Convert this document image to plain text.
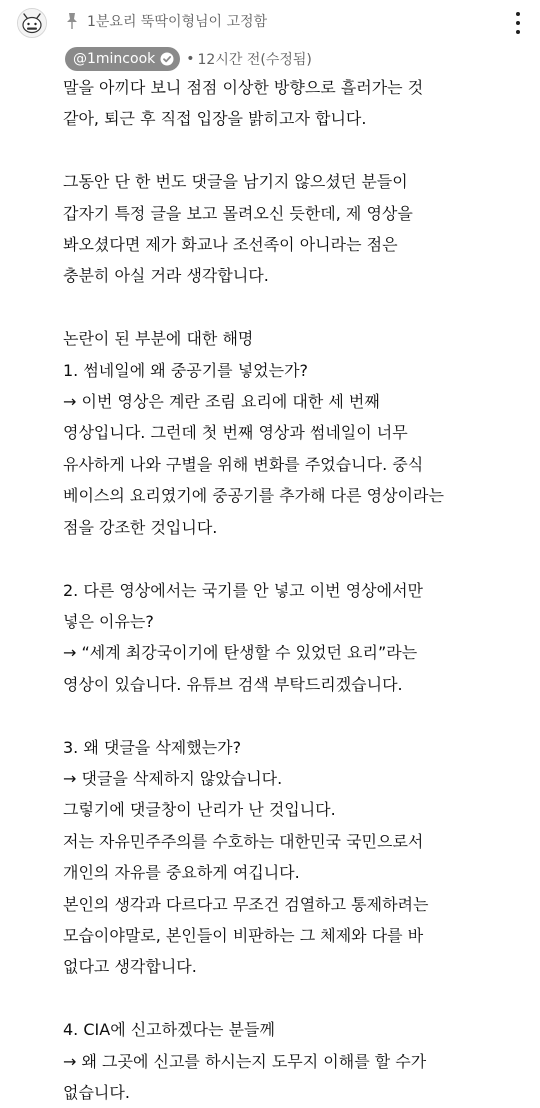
1분요리 뚝딱이형님이 고정함
@1mincook • 12시간 전(수정됨)

말을 아끼다 보니 점점 이상한 방향으로 흘러가는 것
같아, 퇴근 후 직접 입장을 밝히고자 합니다.

그동안 단 한 번도 댓글을 남기지 않으셨던 분들이
갑자기 특정 글을 보고 몰려오신 듯한데, 제 영상을
봐오셨다면 제가 화교나 조선족이 아니라는 점은
충분히 아실 거라 생각합니다.

논란이 된 부분에 대한 해명
1. 썸네일에 왜 중공기를 넣었는가?
→ 이번 영상은 계란 조림 요리에 대한 세 번째
영상입니다. 그런데 첫 번째 영상과 썸네일이 너무
유사하게 나와 구별을 위해 변화를 주었습니다. 중식
베이스의 요리였기에 중공기를 추가해 다른 영상이라는
점을 강조한 것입니다.

2. 다른 영상에서는 국기를 안 넣고 이번 영상에서만
넣은 이유는?
→ “세계 최강국이기에 탄생할 수 있었던 요리”라는
영상이 있습니다. 유튜브 검색 부탁드리겠습니다.

3. 왜 댓글을 삭제했는가?
→ 댓글을 삭제하지 않았습니다.
그렇기에 댓글창이 난리가 난 것입니다.
저는 자유민주주의를 수호하는 대한민국 국민으로서
개인의 자유를 중요하게 여깁니다.
본인의 생각과 다르다고 무조건 검열하고 통제하려는
모습이야말로, 본인들이 비판하는 그 체제와 다를 바
없다고 생각합니다.

4. CIA에 신고하겠다는 분들께
→ 왜 그곳에 신고를 하시는지 도무지 이해를 할 수가
없습니다.
